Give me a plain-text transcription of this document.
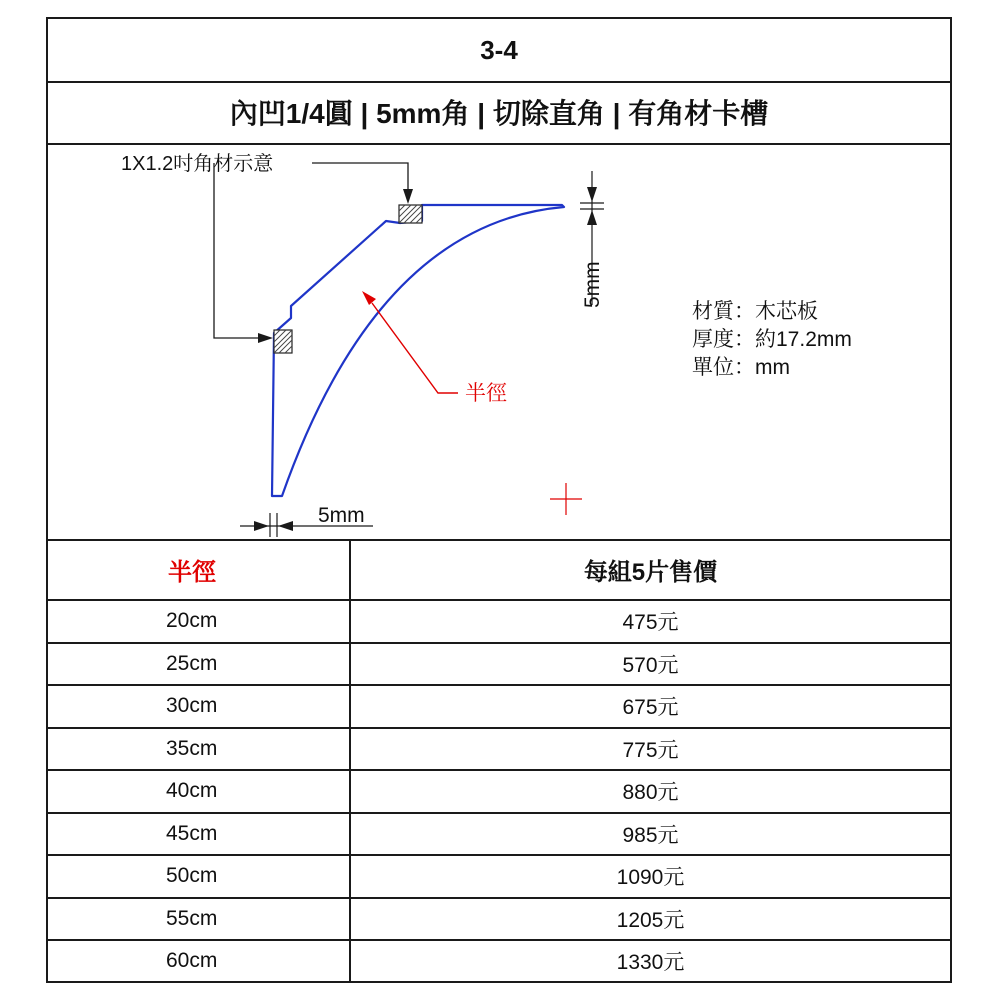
3-4
內凹1/4圓 | 5mm角 | 切除直角 | 有角材卡槽
1X1.2吋角材示意
5mm
5mm
半徑
材質：木芯板
厚度：約17.2mm
單位：mm
半徑	每組5片售價
20cm	475元
25cm	570元
30cm	675元
35cm	775元
40cm	880元
45cm	985元
50cm	1090元
55cm	1205元
60cm	1330元
